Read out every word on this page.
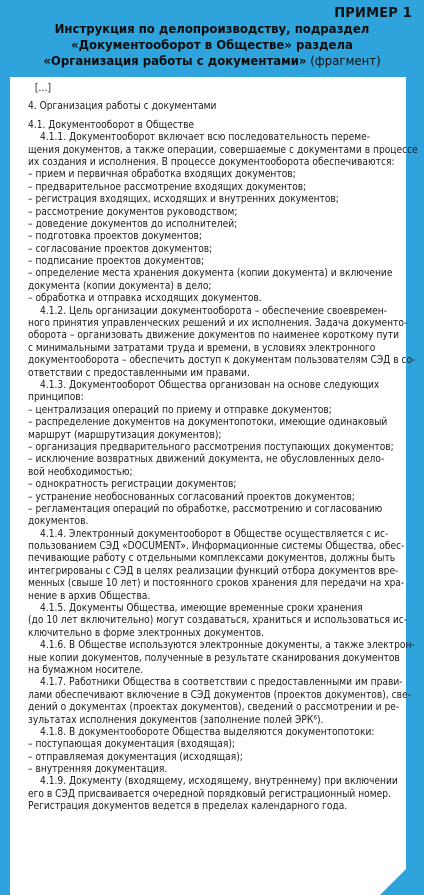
ПРИМЕР 1
Инструкция по делопроизводству, подраздел
«Документооборот в Обществе» раздела
«Организация работы с документами» (фрагмент)
[…]
4. Организация работы с документами
4.1. Документооборот в Обществе
4.1.1. Документооборот включает всю последовательность переме-
щения документов, а также операции, совершаемые с документами в процессе
их создания и исполнения. В процессе документооборота обеспечиваются:
– прием и первичная обработка входящих документов;
– предварительное рассмотрение входящих документов;
– регистрация входящих, исходящих и внутренних документов;
– рассмотрение документов руководством;
– доведение документов до исполнителей;
– подготовка проектов документов;
– согласование проектов документов;
– подписание проектов документов;
– определение места хранения документа (копии документа) и включение
документа (копии документа) в дело;
– обработка и отправка исходящих документов.
4.1.2. Цель организации документооборота – обеспечение своевремен-
ного принятия управленческих решений и их исполнения. Задача документо-
оборота – организовать движение документов по наименее короткому пути
с минимальными затратами труда и времени, в условиях электронного
документооборота – обеспечить доступ к документам пользователям СЭД в со-
ответствии с предоставленными им правами.
4.1.3. Документооборот Общества организован на основе следующих
принципов:
– централизация операций по приему и отправке документов;
– распределение документов на документопотоки, имеющие одинаковый
маршрут (маршрутизация документов);
– организация предварительного рассмотрения поступающих документов;
– исключение возвратных движений документа, не обусловленных делo-
вой необходимостью;
– однократность регистрации документов;
– устранение необоснованных согласований проектов документов;
– регламентация операций по обработке, рассмотрению и согласованию
документов.
4.1.4. Электронный документооборот в Обществе осуществляется с ис-
пользованием СЭД «DOCUMENT». Информационные системы Общества, обес-
печивающие работу с отдельными комплексами документов, должны быть
интегрированы с СЭД в целях реализации функций отбора документов вре-
менных (свыше 10 лет) и постоянного сроков хранения для передачи на хра-
нение в архив Общества.
4.1.5. Документы Общества, имеющие временные сроки хранения
(до 10 лет включительно) могут создаваться, храниться и использоваться ис-
ключительно в форме электронных документов.
4.1.6. В Обществе используются электронные документы, а также электрон-
ные копии документов, полученные в результате сканирования документов
на бумажном носителе.
4.1.7. Работники Общества в соответствии с предоставленными им прави-
лами обеспечивают включение в СЭД документов (проектов документов), све-
дений о документах (проектах документов), сведений о рассмотрении и ре-
зультатах исполнения документов (заполнение полей ЭРК⁶).
4.1.8. В документообороте Общества выделяются документопотоки:
– поступающая документация (входящая);
– отправляемая документация (исходящая);
– внутренняя документация.
4.1.9. Документу (входящему, исходящему, внутреннему) при включении
его в СЭД присваивается очередной порядковый регистрационный номер.
Регистрация документов ведется в пределах календарного года.
